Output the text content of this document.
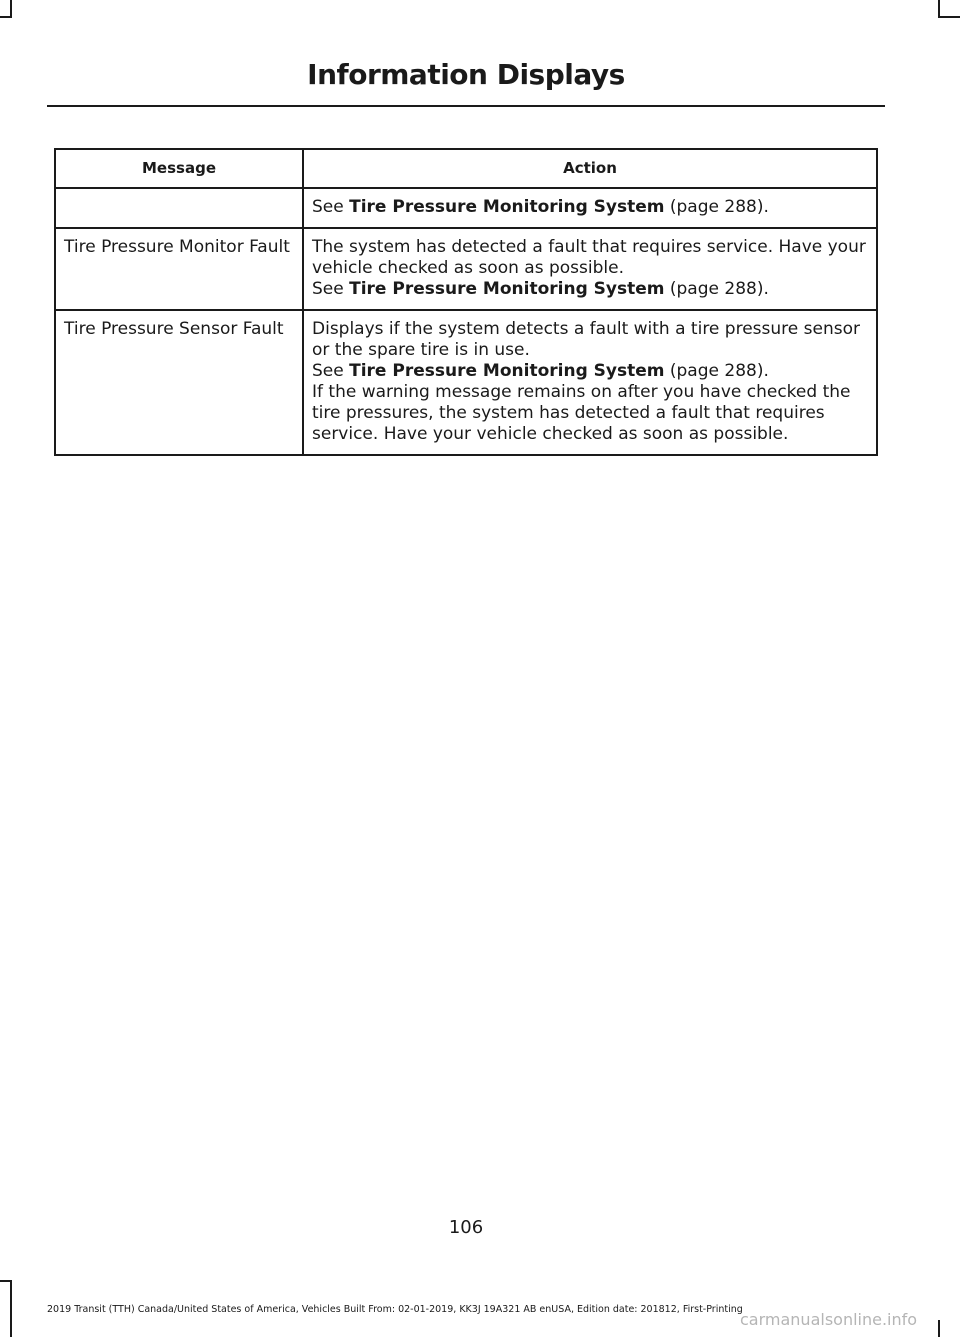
Information Displays
Message	Action

	See Tire Pressure Monitoring System (page 288).

Tire Pressure Monitor Fault	The system has detected a fault that requires service. Have your vehicle checked as soon as possible.
See Tire Pressure Monitoring System (page 288).

Tire Pressure Sensor Fault	Displays if the system detects a fault with a tire pressure sensor or the spare tire is in use.
See Tire Pressure Monitoring System (page 288).
If the warning message remains on after you have checked the tire pressures, the system has detected a fault that requires service. Have your vehicle checked as soon as possible.
106
2019 Transit (TTH) Canada/United States of America, Vehicles Built From: 02-01-2019, KK3J 19A321 AB enUSA, Edition date: 201812, First-Printing
carmanualsonline.info
